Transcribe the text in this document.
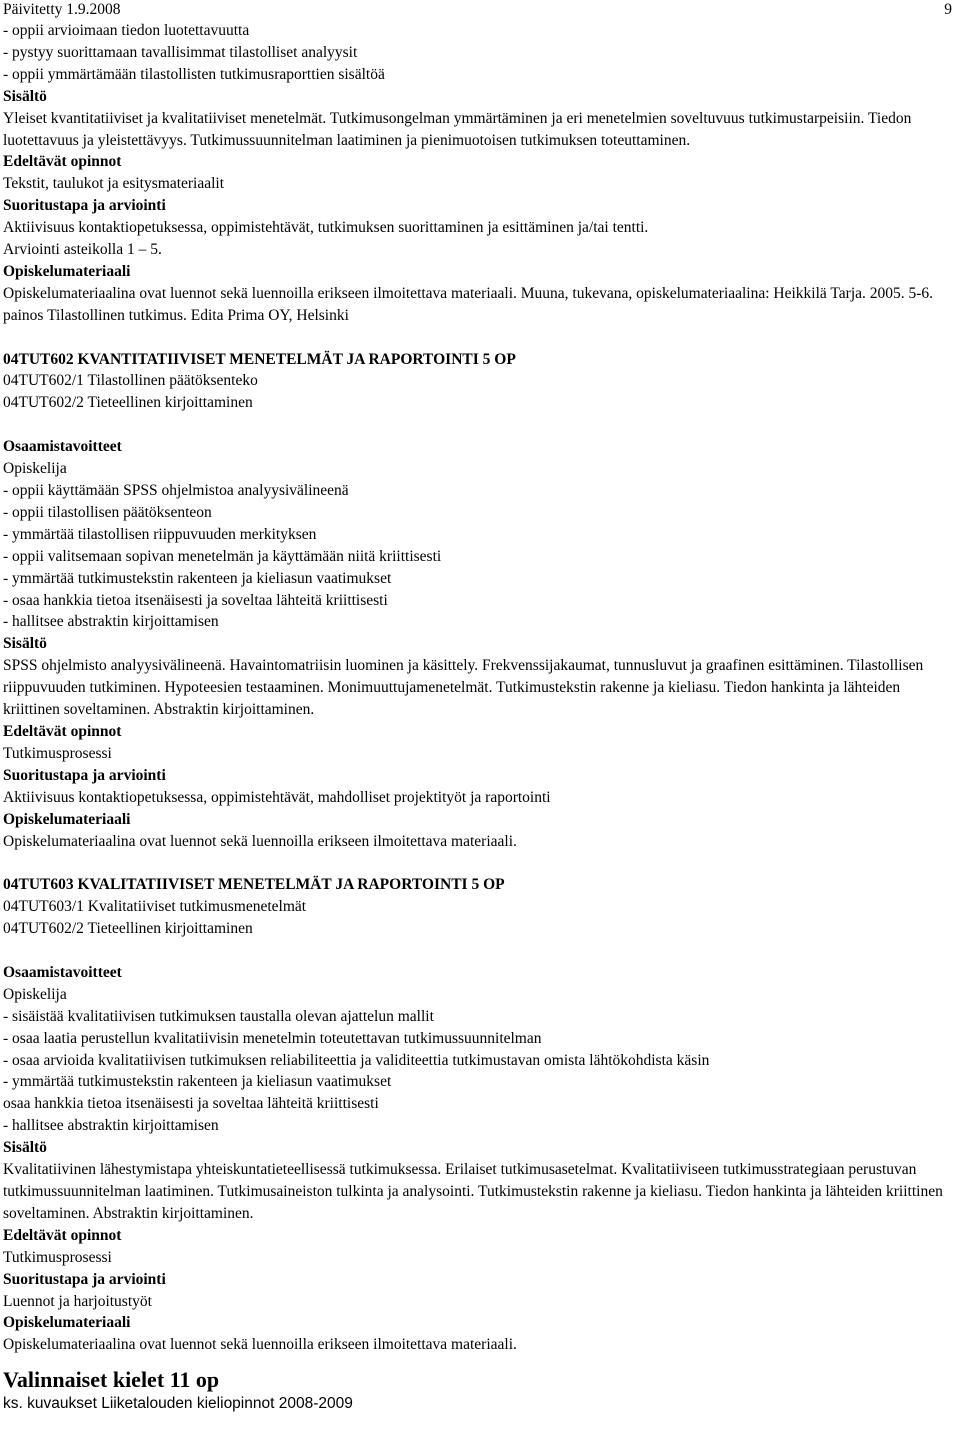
Päivitetty 1.9.2008	9
- oppii arvioimaan tiedon luotettavuutta
- pystyy suorittamaan tavallisimmat tilastolliset analyysit
- oppii ymmärtämään tilastollisten tutkimusraporttien sisältöä
Sisältö
Yleiset kvantitatiiviset ja kvalitatiiviset menetelmät. Tutkimusongelman ymmärtäminen ja eri menetelmien soveltuvuus tutkimustarpeisiin. Tiedon luotettavuus ja yleistettävyys. Tutkimussuunnitelman laatiminen ja pienimuotoisen tutkimuksen toteuttaminen.
Edeltävät opinnot
Tekstit, taulukot ja esitysmateriaalit
Suoritustapa ja arviointi
Aktiivisuus kontaktiopetuksessa, oppimistehtävät, tutkimuksen suorittaminen ja esittäminen ja/tai tentti.
Arviointi asteikolla 1 – 5.
Opiskelumateriaali
Opiskelumateriaalina ovat luennot sekä luennoilla erikseen ilmoitettava materiaali. Muuna, tukevana, opiskelumateriaalina: Heikkilä Tarja. 2005. 5-6. painos Tilastollinen tutkimus. Edita Prima OY, Helsinki
04TUT602 KVANTITATIIVISET MENETELMÄT JA RAPORTOINTI 5 OP
04TUT602/1 Tilastollinen päätöksenteko
04TUT602/2 Tieteellinen kirjoittaminen
Osaamistavoitteet
Opiskelija
- oppii käyttämään SPSS ohjelmistoa analyysivälineenä
- oppii tilastollisen päätöksenteon
- ymmärtää tilastollisen riippuvuuden merkityksen
- oppii valitsemaan sopivan menetelmän ja käyttämään niitä kriittisesti
- ymmärtää tutkimustekstin rakenteen ja kieliasun vaatimukset
- osaa hankkia tietoa itsenäisesti ja soveltaa lähteitä kriittisesti
- hallitsee abstraktin kirjoittamisen
Sisältö
SPSS ohjelmisto analyysivälineenä. Havaintomatriisin luominen ja käsittely. Frekvenssijakaumat, tunnusluvut ja graafinen esittäminen. Tilastollisen riippuvuuden tutkiminen. Hypoteesien testaaminen. Monimuuttujamenetelmät. Tutkimustekstin rakenne ja kieliasu. Tiedon hankinta ja lähteiden kriittinen soveltaminen. Abstraktin kirjoittaminen.
Edeltävät opinnot
Tutkimusprosessi
Suoritustapa ja arviointi
Aktiivisuus kontaktiopetuksessa, oppimistehtävät, mahdolliset projektityöt ja raportointi
Opiskelumateriaali
Opiskelumateriaalina ovat luennot sekä luennoilla erikseen ilmoitettava materiaali.
04TUT603 KVALITATIIVISET MENETELMÄT JA RAPORTOINTI 5 OP
04TUT603/1 Kvalitatiiviset tutkimusmenetelmät
04TUT602/2 Tieteellinen kirjoittaminen
Osaamistavoitteet
Opiskelija
- sisäistää kvalitatiivisen tutkimuksen taustalla olevan ajattelun mallit
- osaa laatia perustellun kvalitatiivisin menetelmin toteutettavan tutkimussuunnitelman
- osaa arvioida kvalitatiivisen tutkimuksen reliabiliteettia ja validiteettia tutkimustavan omista lähtökohdista käsin
- ymmärtää tutkimustekstin rakenteen ja kieliasun vaatimukset
osaa hankkia tietoa itsenäisesti ja soveltaa lähteitä kriittisesti
- hallitsee abstraktin kirjoittamisen
Sisältö
Kvalitatiivinen lähestymistapa yhteiskuntatieteellisessä tutkimuksessa. Erilaiset tutkimusasetelmat. Kvalitatiiviseen tutkimusstrategiaan perustuvan tutkimussuunnitelman laatiminen. Tutkimusaineiston tulkinta ja analysointi. Tutkimustekstin rakenne ja kieliasu. Tiedon hankinta ja lähteiden kriittinen soveltaminen. Abstraktin kirjoittaminen.
Edeltävät opinnot
Tutkimusprosessi
Suoritustapa ja arviointi
Luennot ja harjoitustyöt
Opiskelumateriaali
Opiskelumateriaalina ovat luennot sekä luennoilla erikseen ilmoitettava materiaali.
Valinnaiset kielet 11 op
ks. kuvaukset Liiketalouden kieliopinnot 2008-2009
